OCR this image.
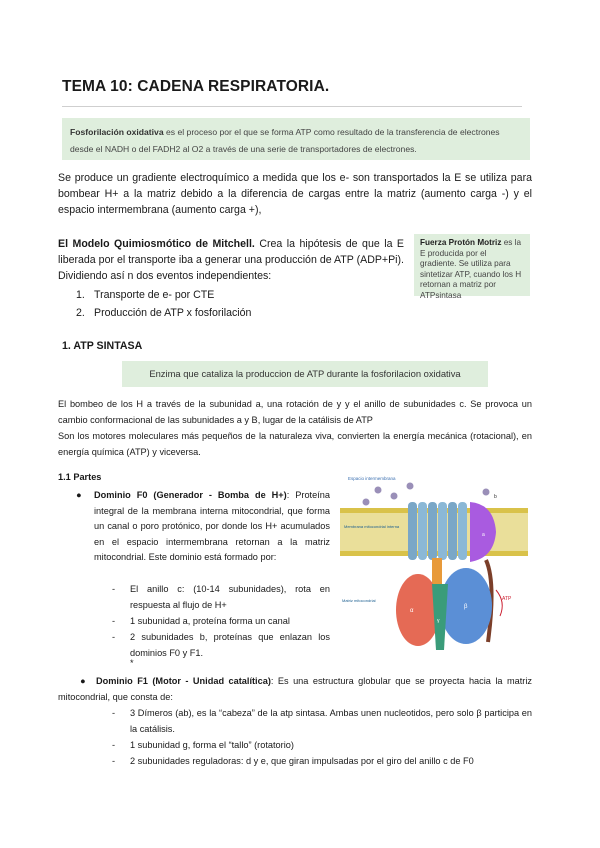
TEMA 10: CADENA RESPIRATORIA.
Fosforilación oxidativa es el proceso por el que se forma ATP como resultado de la transferencia de electrones desde el NADH o del FADH2 al O2 a través de una serie de transportadores de electrones.
Se produce un gradiente electroquímico a medida que los e- son transportados la E se utiliza para bombear H+ a la matriz debido a la diferencia de cargas entre la matriz (aumento carga -) y el espacio intermembrana (aumento carga +),
El Modelo Quimiosmótico de Mitchell. Crea la hipótesis de que la E liberada por el transporte iba a generar una producción de ATP (ADP+Pi). Dividiendo así n dos eventos independientes:
1. Transporte de e- por CTE
2. Producción de ATP x fosforilación
Fuerza Protón Motriz es la E producida por el gradiente. Se utiliza para sintetizar ATP, cuando los H retornan a matriz por ATPsintasa
1. ATP SINTASA
Enzima que cataliza la produccion de ATP durante la fosforilacion oxidativa
El bombeo de los H a través de la subunidad a, una rotación de y y el anillo de subunidades c. Se provoca un cambio conformacional de las subunidades a y B, lugar de la catálisis de ATP
Son los motores moleculares más pequeños de la naturaleza viva, convierten la energía mecánica (rotacional), en energía química (ATP) y viceversa.
1.1 Partes
● Dominio F0 (Generador - Bomba de H+): Proteína integral de la membrana interna mitocondrial, que forma un canal o poro protónico, por donde los H+ acumulados en el espacio intermembrana retornan a la matriz mitocondrial. Este dominio está formado por:
- El anillo c: (10-14 subunidades), rota en respuesta al flujo de H+
- 1 subunidad a, proteína forma un canal
- 2 subunidades b, proteínas que enlazan los dominios F0 y F1.
*
●	Dominio F1 (Motor - Unidad catalítica): Es una estructura globular que se proyecta hacia la matriz mitocondrial, que consta de:
- 3 Dímeros (ab), es la “cabeza” de la atp sintasa. Ambas unen nucleotidos, pero solo β participa en la catálisis.
- 1 subunidad g, forma el “tallo” (rotatorio)
- 2 subunidades reguladoras: d y e, que giran impulsadas por el giro del anillo c de F0
Espacio intermembrana
Membrana mitocondrial interna
a
b
α
β
γ
Matriz mitocondrial	ATP
